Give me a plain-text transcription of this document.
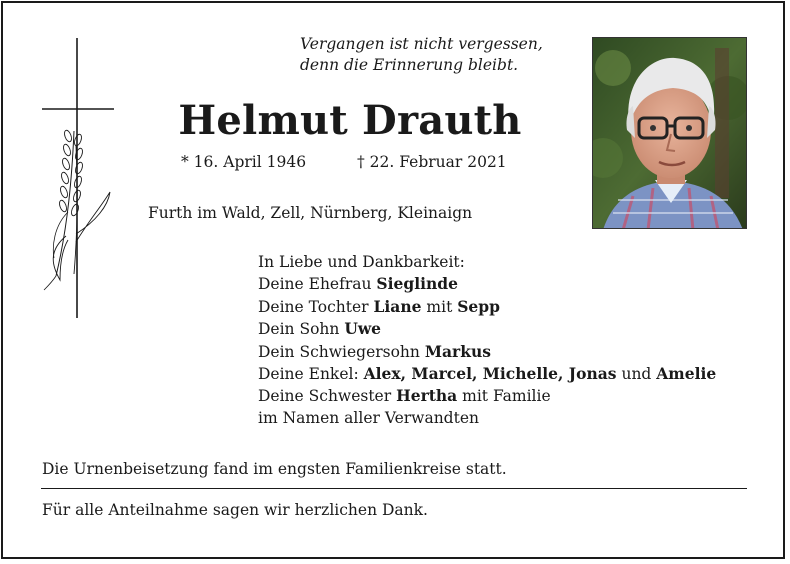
Vergangen ist nicht vergessen,
denn die Erinnerung bleibt.
Helmut Drauth
* 16. April 1946	† 22. Februar 2021
Furth im Wald, Zell, Nürnberg, Kleinaign
In Liebe und Dankbarkeit:
Deine Ehefrau Sieglinde
Deine Tochter Liane mit Sepp
Dein Sohn Uwe
Dein Schwiegersohn Markus
Deine Enkel: Alex, Marcel, Michelle, Jonas und Amelie
Deine Schwester Hertha mit Familie
im Namen aller Verwandten
Die Urnenbeisetzung fand im engsten Familienkreise statt.
Für alle Anteilnahme sagen wir herzlichen Dank.
